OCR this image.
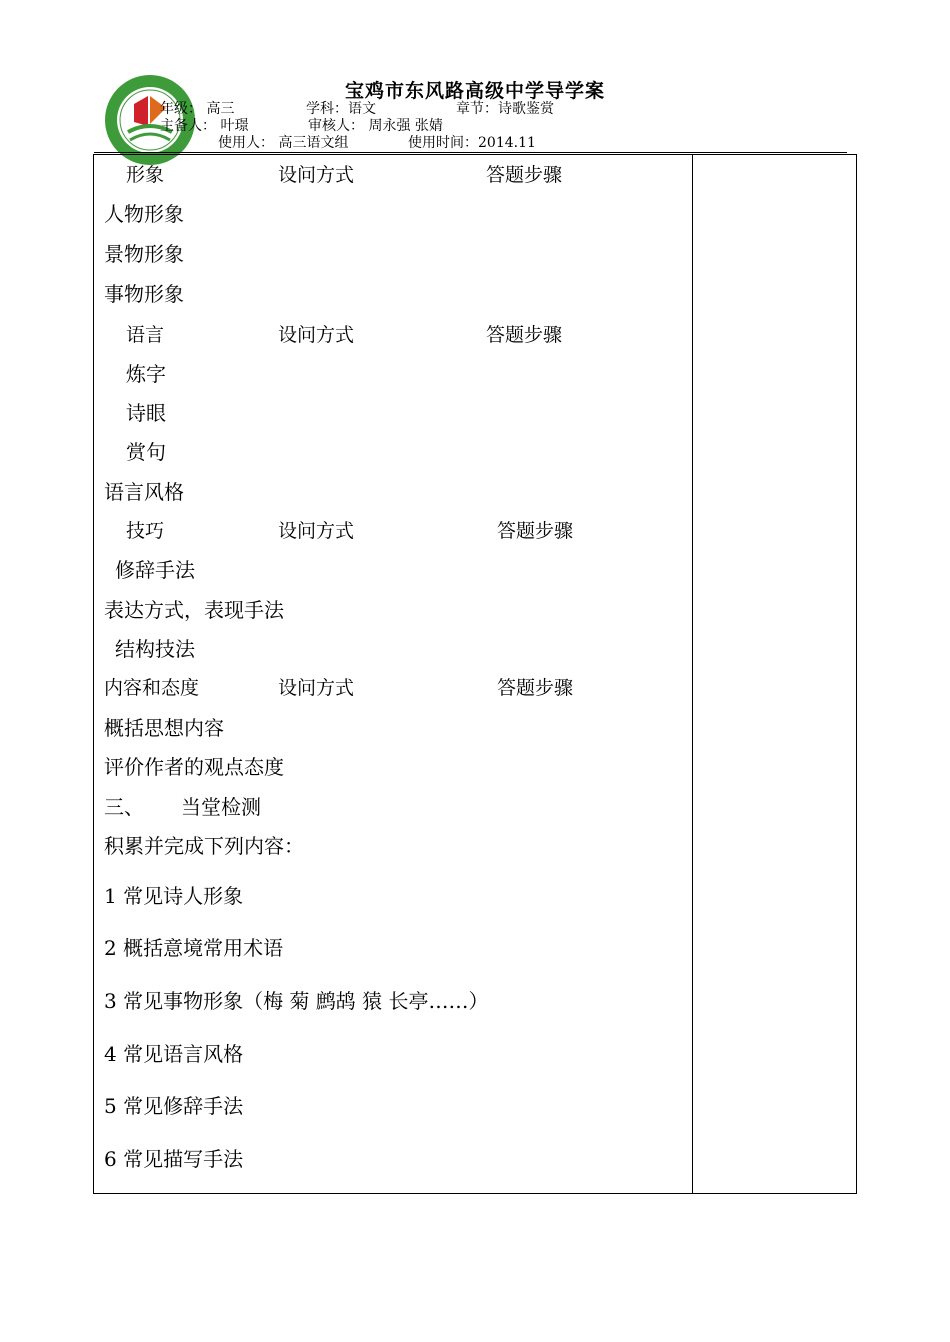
宝鸡市东风路高级中学导学案
年级： 高三	学科：语文	章节：诗歌鉴赏
主备人： 叶璟	审核人： 周永强 张婧
使用人： 高三语文组	使用时间：2014.11
形象	设问方式	答题步骤
人物形象
景物形象
事物形象
语言	设问方式	答题步骤
炼字
诗眼
赏句
语言风格
技巧	设问方式	答题步骤
修辞手法
表达方式，表现手法
结构技法
内容和态度	设问方式	答题步骤
概括思想内容
评价作者的观点态度
三、 当堂检测
积累并完成下列内容：
1 常见诗人形象
2 概括意境常用术语
3 常见事物形象（梅 菊 鹧鸪 猿 长亭……）
4 常见语言风格
5 常见修辞手法
6 常见描写手法
